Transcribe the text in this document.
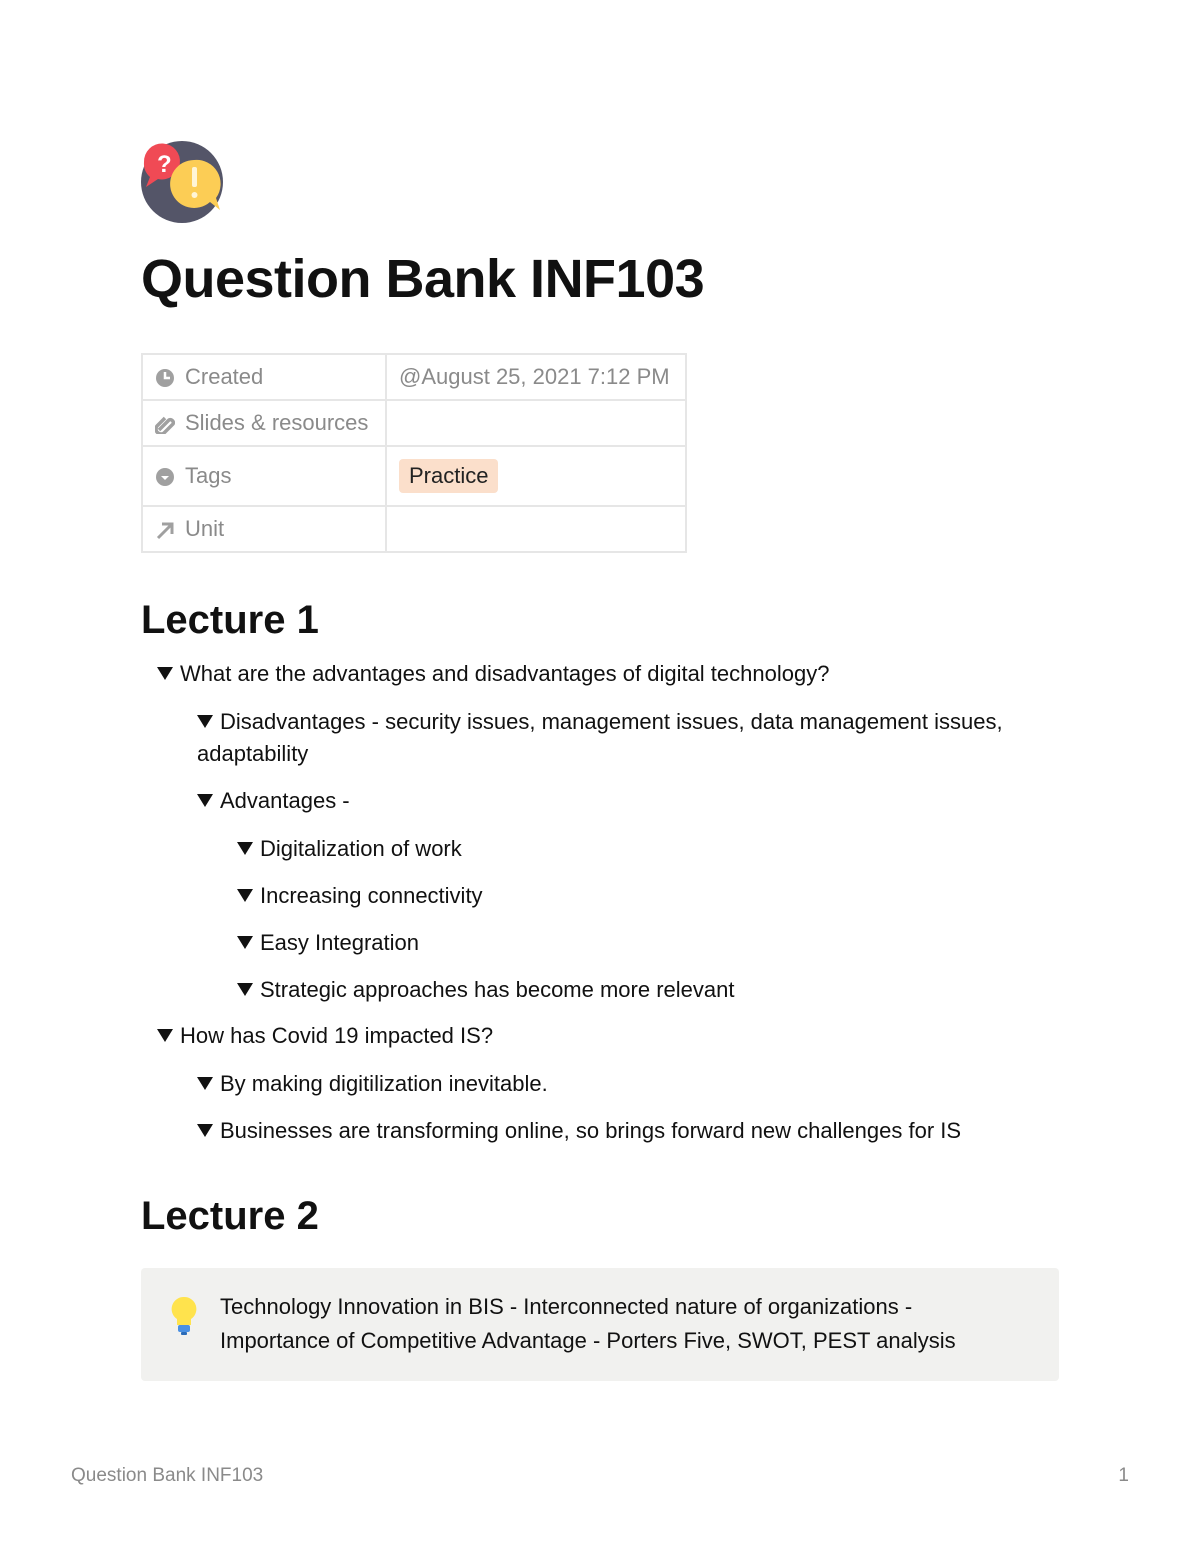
?
Question Bank INF103
Created	@August 25, 2021 7:12 PM
Slides & resources	
Tags	Practice
Unit	
Lecture 1
What are the advantages and disadvantages of digital technology?
Disadvantages - security issues, management issues, data management issues,
adaptability
Advantages -
Digitalization of work
Increasing connectivity
Easy Integration
Strategic approaches has become more relevant
How has Covid 19 impacted IS?
By making digitilization inevitable.
Businesses are transforming online, so brings forward new challenges for IS
Lecture 2
Technology Innovation in BIS - Interconnected nature of organizations - Importance of Competitive Advantage - Porters Five, SWOT, PEST analysis
Question Bank INF103	1
